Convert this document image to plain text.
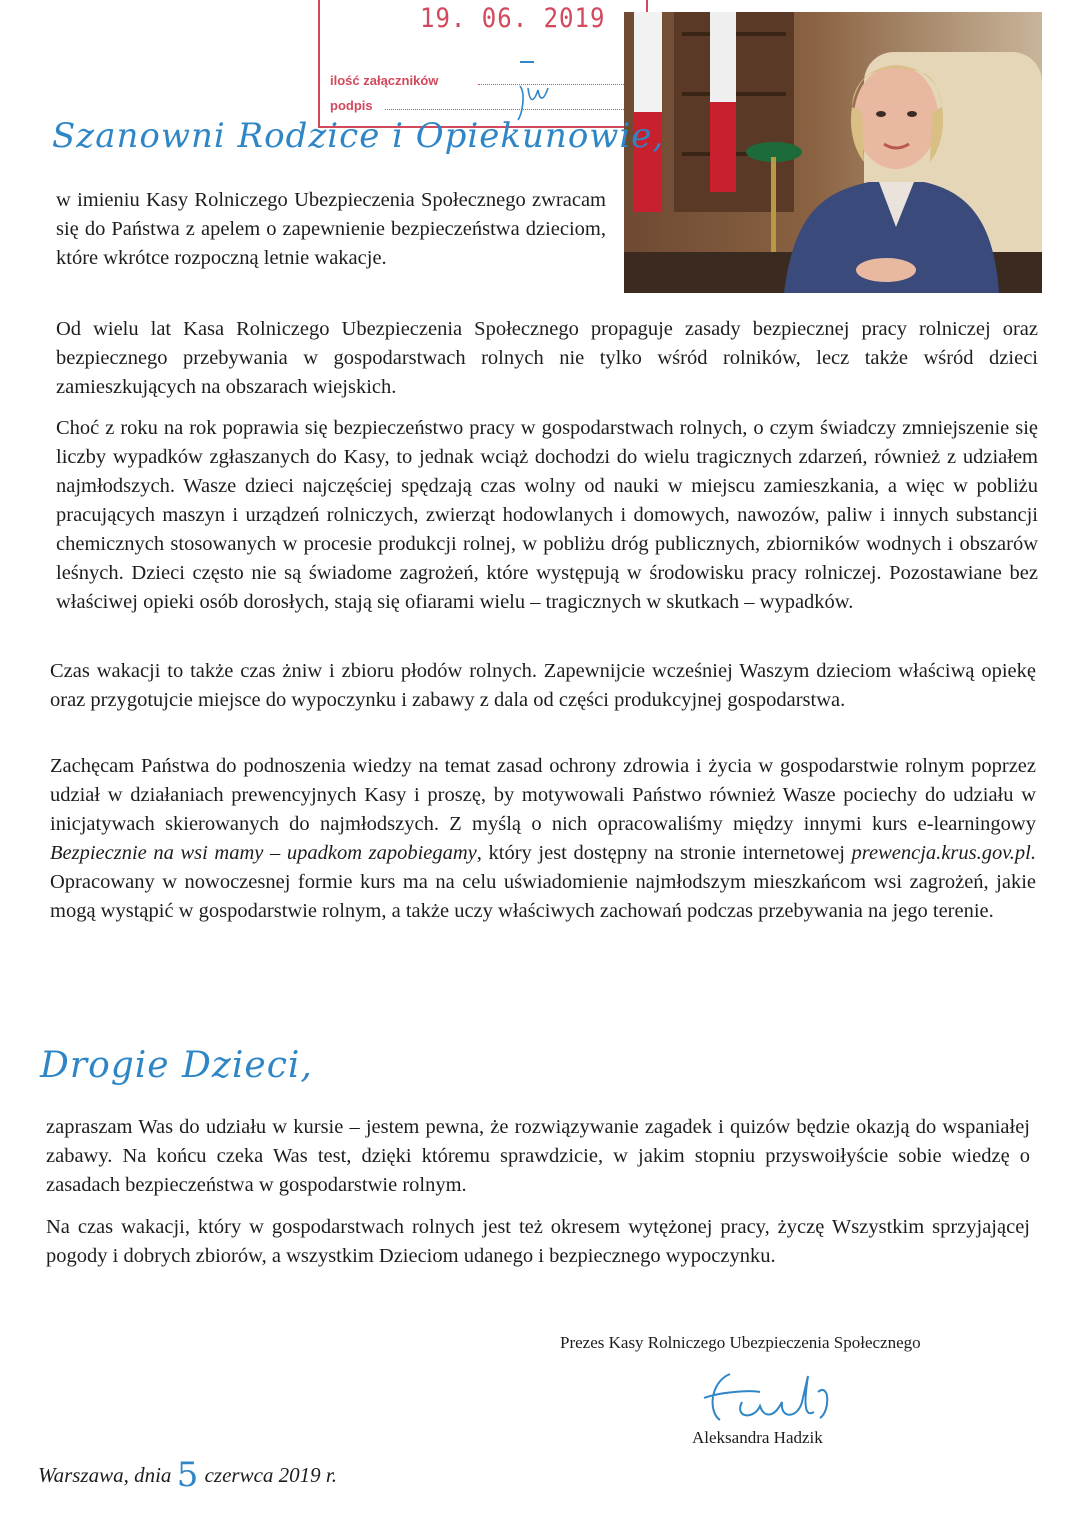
19. 06. 2019
ilość załączników
podpis
Szanowni Rodzice i Opiekunowie,

w imieniu Kasy Rolniczego Ubezpieczenia Społecznego zwracam się do Państwa z apelem o zapewnienie bezpieczeństwa dzieciom, które wkrótce rozpoczną letnie wakacje.

Od wielu lat Kasa Rolniczego Ubezpieczenia Społecznego propaguje zasady bezpiecznej pracy rolniczej oraz bezpiecznego przebywania w gospodarstwach rolnych nie tylko wśród rolników, lecz także wśród dzieci zamieszkujących na obszarach wiejskich.

Choć z roku na rok poprawia się bezpieczeństwo pracy w gospodarstwach rolnych, o czym świadczy zmniejszenie się liczby wypadków zgłaszanych do Kasy, to jednak wciąż dochodzi do wielu tragicznych zdarzeń, również z udziałem najmłodszych. Wasze dzieci najczęściej spędzają czas wolny od nauki w miejscu zamieszkania, a więc w pobliżu pracujących maszyn i urządzeń rolniczych, zwierząt hodowlanych i domowych, nawozów, paliw i innych substancji chemicznych stosowanych w procesie produkcji rolnej, w pobliżu dróg publicznych, zbiorników wodnych i obszarów leśnych. Dzieci często nie są świadome zagrożeń, które występują w środowisku pracy rolniczej. Pozostawiane bez właściwej opieki osób dorosłych, stają się ofiarami wielu – tragicznych w skutkach – wypadków.

Czas wakacji to także czas żniw i zbioru płodów rolnych. Zapewnijcie wcześniej Waszym dzieciom właściwą opiekę oraz przygotujcie miejsce do wypoczynku i zabawy z dala od części produkcyjnej gospodarstwa.

Zachęcam Państwa do podnoszenia wiedzy na temat zasad ochrony zdrowia i życia w gospodarstwie rolnym poprzez udział w działaniach prewencyjnych Kasy i proszę, by motywowali Państwo również Wasze pociechy do udziału w inicjatywach skierowanych do najmłodszych. Z myślą o nich opracowaliśmy między innymi kurs e-learningowy Bezpiecznie na wsi mamy – upadkom zapobiegamy, który jest dostępny na stronie internetowej prewencja.krus.gov.pl. Opracowany w nowoczesnej formie kurs ma na celu uświadomienie najmłodszym mieszkańcom wsi zagrożeń, jakie mogą wystąpić w gospodarstwie rolnym, a także uczy właściwych zachowań podczas przebywania na jego terenie.

Drogie Dzieci,

zapraszam Was do udziału w kursie – jestem pewna, że rozwiązywanie zagadek i quizów będzie okazją do wspaniałej zabawy. Na końcu czeka Was test, dzięki któremu sprawdzicie, w jakim stopniu przyswoiłyście sobie wiedzę o zasadach bezpieczeństwa w gospodarstwie rolnym.

Na czas wakacji, który w gospodarstwach rolnych jest też okresem wytężonej pracy, życzę Wszystkim sprzyjającej pogody i dobrych zbiorów, a wszystkim Dzieciom udanego i bezpiecznego wypoczynku.

Prezes Kasy Rolniczego Ubezpieczenia Społecznego
Aleksandra Hadzik
Warszawa, dnia 5 czerwca 2019 r.
